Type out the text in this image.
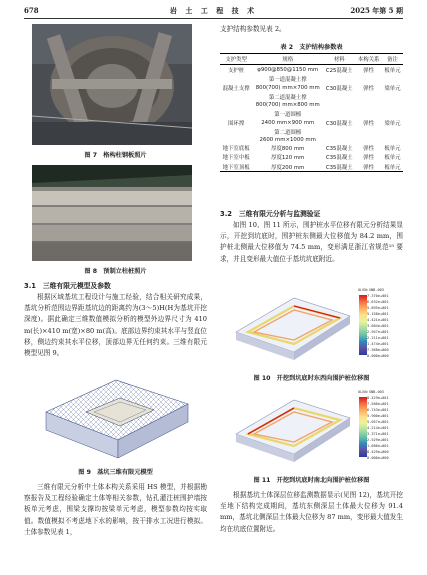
678	岩 土 工 程 技 术	2025 年第 5 期
图 7　格构柱钢板照片
图 8　预制立柱桩照片
3.1　三维有限元模型及参数
根据区域基坑工程设计与施工经验，结合相关研究成果，基坑分析范围边界距基坑边的距离约为(3～5)H(H为基坑开挖深度)。据此确定三维数值模拟分析的模型外边界尺寸为 410 m(长)×410 m(宽)×80 m(高)。底部边界约束其水平与竖直位移，侧边约束其水平位移，顶部边界无任何约束。三维有限元模型见图 9。
图 9　基坑三维有限元模型
三维有限元分析中土体本构关系采用 HS 模型，并根据勘察报告及工程经验确定土体等相关参数，钻孔灌注桩围护墙按板单元考虑，围梁支撑均按梁单元考虑，模型参数均按实取值。数值模拟不考虑地下水的影响，按干排水工况进行模拟。土体参数见表 1，
支护结构参数见表 2。
表 2　支护结构参数表
支护类型	规格	材料	本构关系	备注
支护桩	φ900@850@1150 mm	C25混凝土	弹性	板单元
	第一道混凝土撑			
混凝土支撑	800(700) mm×700 mm	C30混凝土	弹性	梁单元
	第二道混凝土撑			
	800(700) mm×800 mm			
	第一道围檩			
围环撑	2400 mm×900 mm	C30混凝土	弹性	梁单元
	第二道围檩			
	2600 mm×1000 mm			
地下室底板	厚度800 mm	C35混凝土	弹性	板单元
地下室中板	厚度120 mm	C35混凝土	弹性	板单元
地下室顶板	厚度200 mm	C35混凝土	弹性	板单元
3.2　三维有限元分析与监测验证
如图 10、图 11 所示，围护桩水平位移有限元分析结果显示，开挖到坑底时，围护桩东侧最大位移值为 84.2 mm，围护桩北侧最大位移值为 74.5 mm，变形满足浙江省规范¹⁵ 要求，并且变形最大值位于基坑坑底附近。
ULEN:SNB-003
7.370e+001
6.632e+001
5.895e+001
5.158e+001
4.421e+001
3.684e+001
2.947e+001
2.211e+001
1.474e+001
7.368e+000
0.000e+000
图 10　开挖到坑底时东西向围护桩位移图
ULEN:SNB-003
8.429e+001
7.586e+001
6.743e+001
5.900e+001
5.057e+001
4.214e+001
3.371e+001
2.529e+001
1.686e+001
8.429e+000
0.000e+000
图 11　开挖到坑底时南北向围护桩位移图
根据基坑土体深层位移监测数据显示(见图 12)，基坑开挖至地下结构完成期间，基坑东侧深层土体最大位移为 91.4 mm，基坑北侧深层土体最大位移为 87 mm，变形最大值发生均在坑底位置附近。
